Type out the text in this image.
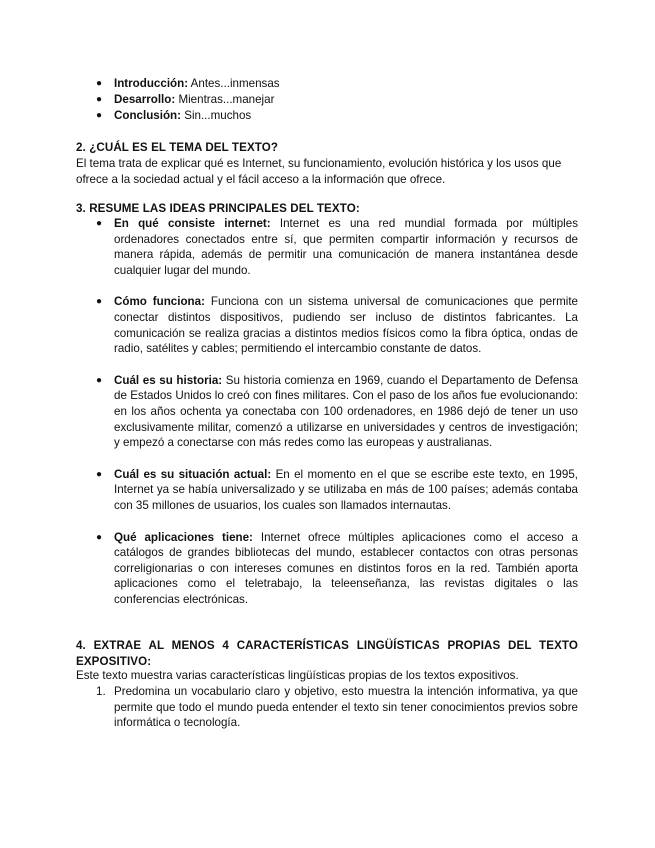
● Introducción: Antes...inmensas
● Desarrollo: Mientras...manejar
● Conclusión: Sin...muchos
2. ¿CUÁL ES EL TEMA DEL TEXTO?
El tema trata de explicar qué es Internet, su funcionamiento, evolución histórica y los usos que ofrece a la sociedad actual y el fácil acceso a la información que ofrece.
3. RESUME LAS IDEAS PRINCIPALES DEL TEXTO:
● En qué consiste internet: Internet es una red mundial formada por múltiples ordenadores conectados entre sí, que permiten compartir información y recursos de manera rápida, además de permitir una comunicación de manera instantánea desde cualquier lugar del mundo.
● Cómo funciona: Funciona con un sistema universal de comunicaciones que permite conectar distintos dispositivos, pudiendo ser incluso de distintos fabricantes. La comunicación se realiza gracias a distintos medios físicos como la fibra óptica, ondas de radio, satélites y cables; permitiendo el intercambio constante de datos.
● Cuál es su historia: Su historia comienza en 1969, cuando el Departamento de Defensa de Estados Unidos lo creó con fines militares. Con el paso de los años fue evolucionando: en los años ochenta ya conectaba con 100 ordenadores, en 1986 dejó de tener un uso exclusivamente militar, comenzó a utilizarse en universidades y centros de investigación; y empezó a conectarse con más redes como las europeas y australianas.
● Cuál es su situación actual: En el momento en el que se escribe este texto, en 1995, Internet ya se había universalizado y se utilizaba en más de 100 países; además contaba con 35 millones de usuarios, los cuales son llamados internautas.
● Qué aplicaciones tiene: Internet ofrece múltiples aplicaciones como el acceso a catálogos de grandes bibliotecas del mundo, establecer contactos con otras personas correligionarias o con intereses comunes en distintos foros en la red. También aporta aplicaciones como el teletrabajo, la teleenseñanza, las revistas digitales o las conferencias electrónicas.
4. EXTRAE AL MENOS 4 CARACTERÍSTICAS LINGÜÍSTICAS PROPIAS DEL TEXTO EXPOSITIVO:
Este texto muestra varias características lingüísticas propias de los textos expositivos.
1. Predomina un vocabulario claro y objetivo, esto muestra la intención informativa, ya que permite que todo el mundo pueda entender el texto sin tener conocimientos previos sobre informática o tecnología.
